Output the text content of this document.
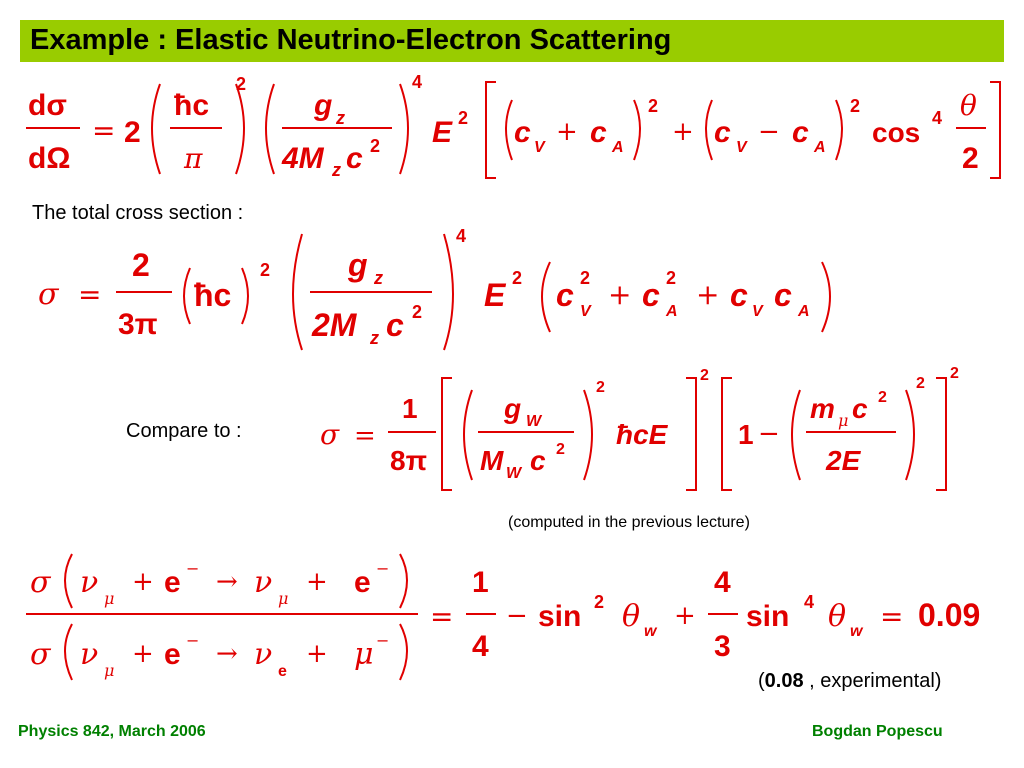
Example : Elastic Neutrino-Electron Scattering
dσ
dΩ
= 2
ħc
π
2
g z
4M z c 2
4
E 2 c V
+ c A
2
+ c V
− c A
2
cos 4 θ
2
The total cross section :
σ =
2
3π
ħc
2 g z
2M z c 2
4
E 2 c 2
V
+ c 2
A
+ c V c A
Compare to :	σ =
1
8π
g W
M W c 2
2
ħcE
2
1 −
m μ c 2
2E
2
2
(computed in the previous lecture)
σ ν μ
+ e − → ν μ
+ e −
σ ν μ
+ e − → ν e
+ μ −
=
1
4
− sin 2 θ w
+
4
3
sin 4 θ w = 0.09
(0.08 , experimental)
Physics 842, March 2006	Bogdan Popescu
